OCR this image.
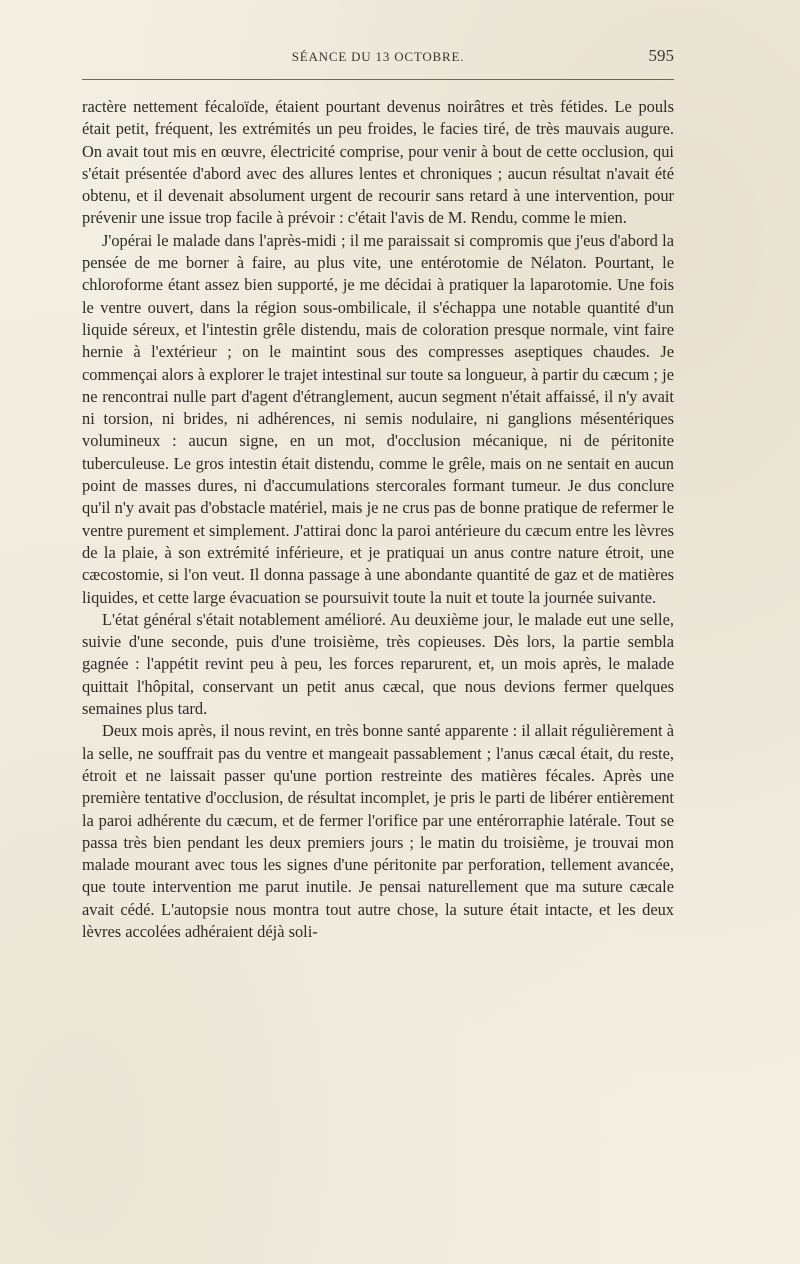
SÉANCE DU 13 OCTOBRE.	595

ractère nettement fécaloïde, étaient pourtant devenus noirâtres et très fétides. Le pouls était petit, fréquent, les extrémités un peu froides, le facies tiré, de très mauvais augure. On avait tout mis en œuvre, électricité comprise, pour venir à bout de cette occlusion, qui s'était présentée d'abord avec des allures lentes et chroniques ; aucun résultat n'avait été obtenu, et il devenait absolument urgent de recourir sans retard à une intervention, pour prévenir une issue trop facile à prévoir : c'était l'avis de M. Rendu, comme le mien.

J'opérai le malade dans l'après-midi ; il me paraissait si compromis que j'eus d'abord la pensée de me borner à faire, au plus vite, une entérotomie de Nélaton. Pourtant, le chloroforme étant assez bien supporté, je me décidai à pratiquer la laparotomie. Une fois le ventre ouvert, dans la région sous-ombilicale, il s'échappa une notable quantité d'un liquide séreux, et l'intestin grêle distendu, mais de coloration presque normale, vint faire hernie à l'extérieur ; on le maintint sous des compresses aseptiques chaudes. Je commençai alors à explorer le trajet intestinal sur toute sa longueur, à partir du cæcum ; je ne rencontrai nulle part d'agent d'étranglement, aucun segment n'était affaissé, il n'y avait ni torsion, ni brides, ni adhérences, ni semis nodulaire, ni ganglions mésentériques volumineux : aucun signe, en un mot, d'occlusion mécanique, ni de péritonite tuberculeuse. Le gros intestin était distendu, comme le grêle, mais on ne sentait en aucun point de masses dures, ni d'accumulations stercorales formant tumeur. Je dus conclure qu'il n'y avait pas d'obstacle matériel, mais je ne crus pas de bonne pratique de refermer le ventre purement et simplement. J'attirai donc la paroi antérieure du cæcum entre les lèvres de la plaie, à son extrémité inférieure, et je pratiquai un anus contre nature étroit, une cæcostomie, si l'on veut. Il donna passage à une abondante quantité de gaz et de matières liquides, et cette large évacuation se poursuivit toute la nuit et toute la journée suivante.

L'état général s'était notablement amélioré. Au deuxième jour, le malade eut une selle, suivie d'une seconde, puis d'une troisième, très copieuses. Dès lors, la partie sembla gagnée : l'appétit revint peu à peu, les forces reparurent, et, un mois après, le malade quittait l'hôpital, conservant un petit anus cæcal, que nous devions fermer quelques semaines plus tard.

Deux mois après, il nous revint, en très bonne santé apparente : il allait régulièrement à la selle, ne souffrait pas du ventre et mangeait passablement ; l'anus cæcal était, du reste, étroit et ne laissait passer qu'une portion restreinte des matières fécales. Après une première tentative d'occlusion, de résultat incomplet, je pris le parti de libérer entièrement la paroi adhérente du cæcum, et de fermer l'orifice par une entérorraphie latérale. Tout se passa très bien pendant les deux premiers jours ; le matin du troisième, je trouvai mon malade mourant avec tous les signes d'une péritonite par perforation, tellement avancée, que toute intervention me parut inutile. Je pensai naturellement que ma suture cæcale avait cédé. L'autopsie nous montra tout autre chose, la suture était intacte, et les deux lèvres accolées adhéraient déjà soli-
